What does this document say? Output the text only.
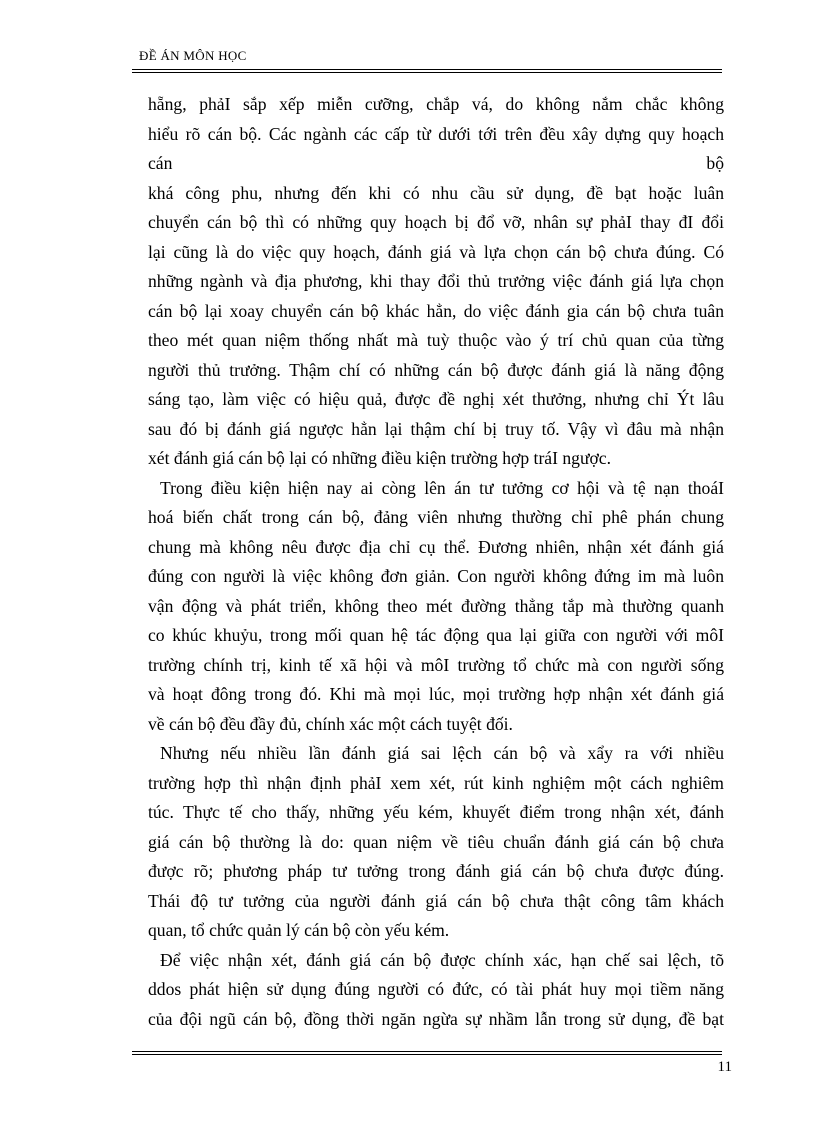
ĐỀ ÁN MÔN HỌC
hẵng, phảI sắp xếp miễn cưỡng, chắp vá, do không nắm chắc không
hiểu rõ cán bộ. Các ngành các cấp từ dưới tới trên đều xây dựng quy hoạch
cán bộ
khá công phu, nhưng đến khi có nhu cầu sử dụng, đề bạt hoặc luân
chuyển cán bộ thì có những quy hoạch bị đổ vỡ, nhân sự phảI thay đI đổi
lại cũng là do việc quy hoạch, đánh giá và lựa chọn cán bộ chưa đúng. Có
những ngành và địa phương, khi thay đổi thủ trưởng việc đánh giá lựa chọn
cán bộ lại xoay chuyển cán bộ khác hẳn, do việc đánh gia cán bộ chưa tuân
theo mét quan niệm thống nhất mà tuỳ thuộc vào ý trí chủ quan của từng
người thủ trưởng. Thậm chí có những cán bộ được đánh giá là năng động
sáng tạo, làm việc có hiệu quả, được đề nghị xét thưởng, nhưng chỉ Ýt lâu
sau đó bị đánh giá ngược hẳn lại thậm chí bị truy tố. Vậy vì đâu mà nhận
xét đánh giá cán bộ lại có những điều kiện trường hợp tráI ngược.
Trong điều kiện hiện nay ai còng lên án tư tưởng cơ hội và tệ nạn thoáI
hoá biến chất trong cán bộ, đảng viên nhưng thường chỉ phê phán chung
chung mà không nêu được địa chỉ cụ thể. Đương nhiên, nhận xét đánh giá
đúng con người là việc không đơn giản. Con người không đứng im mà luôn
vận động và phát triển, không theo mét đường thẳng tắp mà thường quanh
co khúc khuỷu, trong mối quan hệ tác động qua lại giữa con người với môI
trường chính trị, kinh tế xã hội và môI trường tổ chức mà con người sống
và hoạt đông trong đó. Khi mà mọi lúc, mọi trường hợp nhận xét đánh giá
về cán bộ đều đầy đủ, chính xác một cách tuyệt đối.
Nhưng nếu nhiều lần đánh giá sai lệch cán bộ và xẩy ra với nhiều
trường hợp thì nhận định phảI xem xét, rút kinh nghiệm một cách nghiêm
túc. Thực tế cho thấy, những yếu kém, khuyết điểm trong nhận xét, đánh
giá cán bộ thường là do: quan niệm về tiêu chuẩn đánh giá cán bộ chưa
được rõ; phương pháp tư tưởng trong đánh giá cán bộ chưa được đúng.
Thái độ tư tưởng của người đánh giá cán bộ chưa thật công tâm khách
quan, tổ chức quản lý cán bộ còn yếu kém.
Để việc nhận xét, đánh giá cán bộ được chính xác, hạn chế sai lệch, tõ
ddos phát hiện sử dụng đúng người có đức, có tài phát huy mọi tiềm năng
của đội ngũ cán bộ, đồng thời ngăn ngừa sự nhầm lẫn trong sử dụng, đề bạt
11
